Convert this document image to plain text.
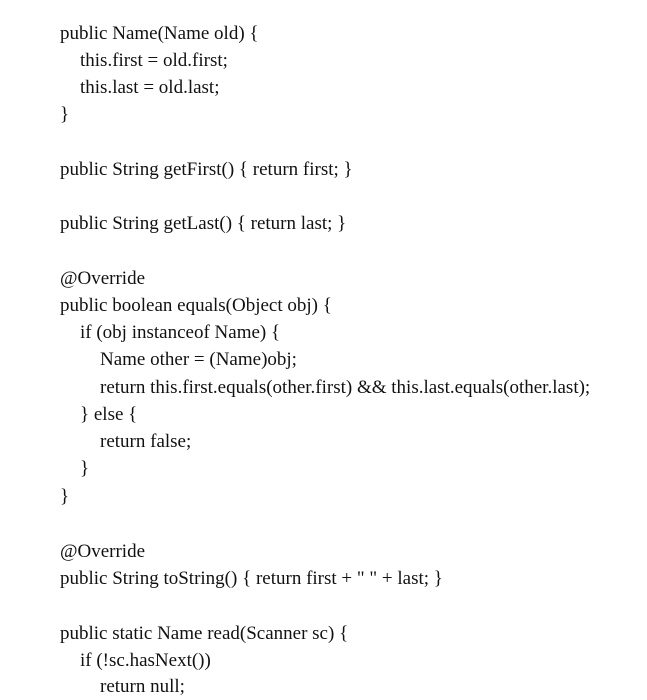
public Name(Name old) {
this.first = old.first;
this.last = old.last;
}
public String getFirst() { return first; }
public String getLast() { return last; }
@Override
public boolean equals(Object obj) {
if (obj instanceof Name) {
Name other = (Name)obj;
return this.first.equals(other.first) && this.last.equals(other.last);
} else {
return false;
}
}
@Override
public String toString() { return first + " " + last; }
public static Name read(Scanner sc) {
if (!sc.hasNext())
return null;
